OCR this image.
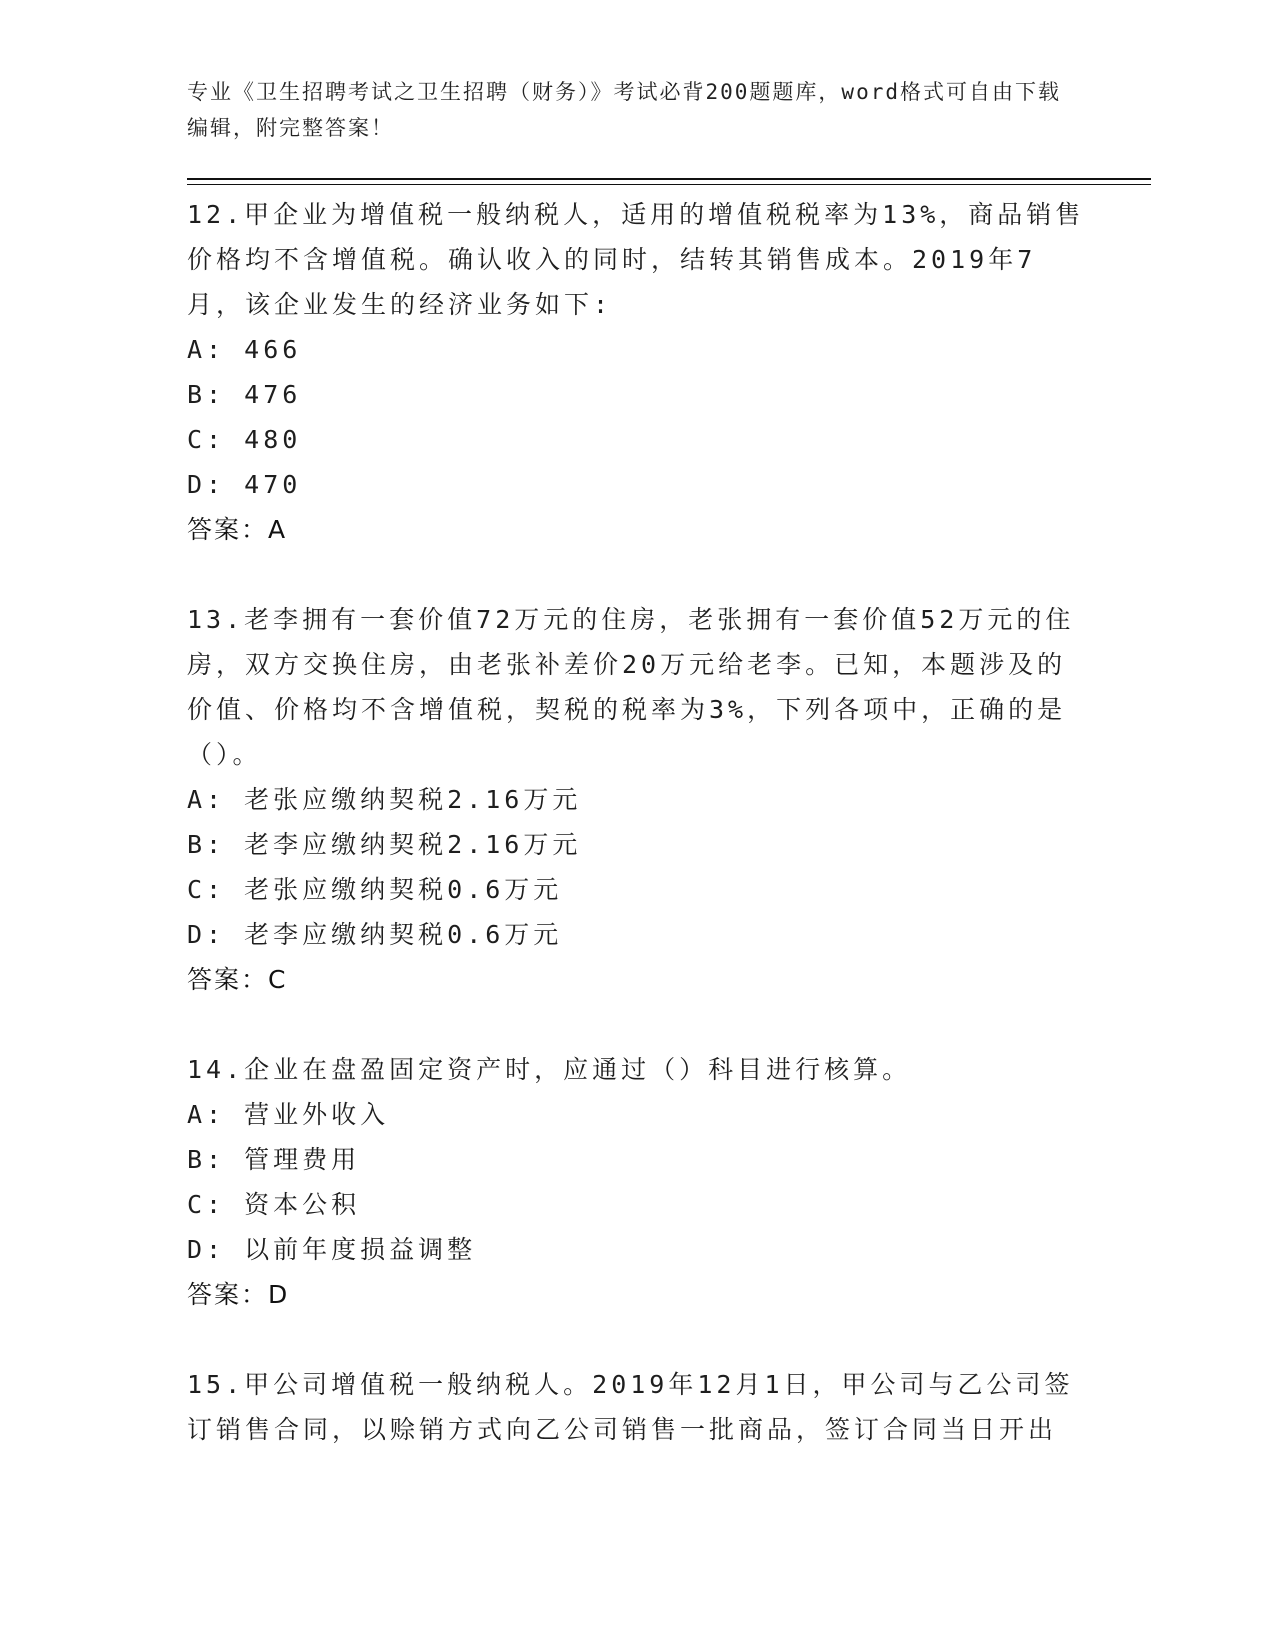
专业《卫生招聘考试之卫生招聘（财务）》考试必背200题题库，word格式可自由下载编辑，附完整答案！

12.甲企业为增值税一般纳税人，适用的增值税税率为13%，商品销售价格均不含增值税。确认收入的同时，结转其销售成本。2019年7月，该企业发生的经济业务如下:

A: 466

B: 476

C: 480

D: 470

答案：A

13.老李拥有一套价值72万元的住房，老张拥有一套价值52万元的住房，双方交换住房，由老张补差价20万元给老李。已知，本题涉及的价值、价格均不含增值税，契税的税率为3%，下列各项中，正确的是（）。

A: 老张应缴纳契税2.16万元

B: 老李应缴纳契税2.16万元

C: 老张应缴纳契税0.6万元

D: 老李应缴纳契税0.6万元

答案：C

14.企业在盘盈固定资产时，应通过（）科目进行核算。

A: 营业外收入

B: 管理费用

C: 资本公积

D: 以前年度损益调整

答案：D

15.甲公司增值税一般纳税人。2019年12月1日，甲公司与乙公司签订销售合同，以赊销方式向乙公司销售一批商品，签订合同当日开出
